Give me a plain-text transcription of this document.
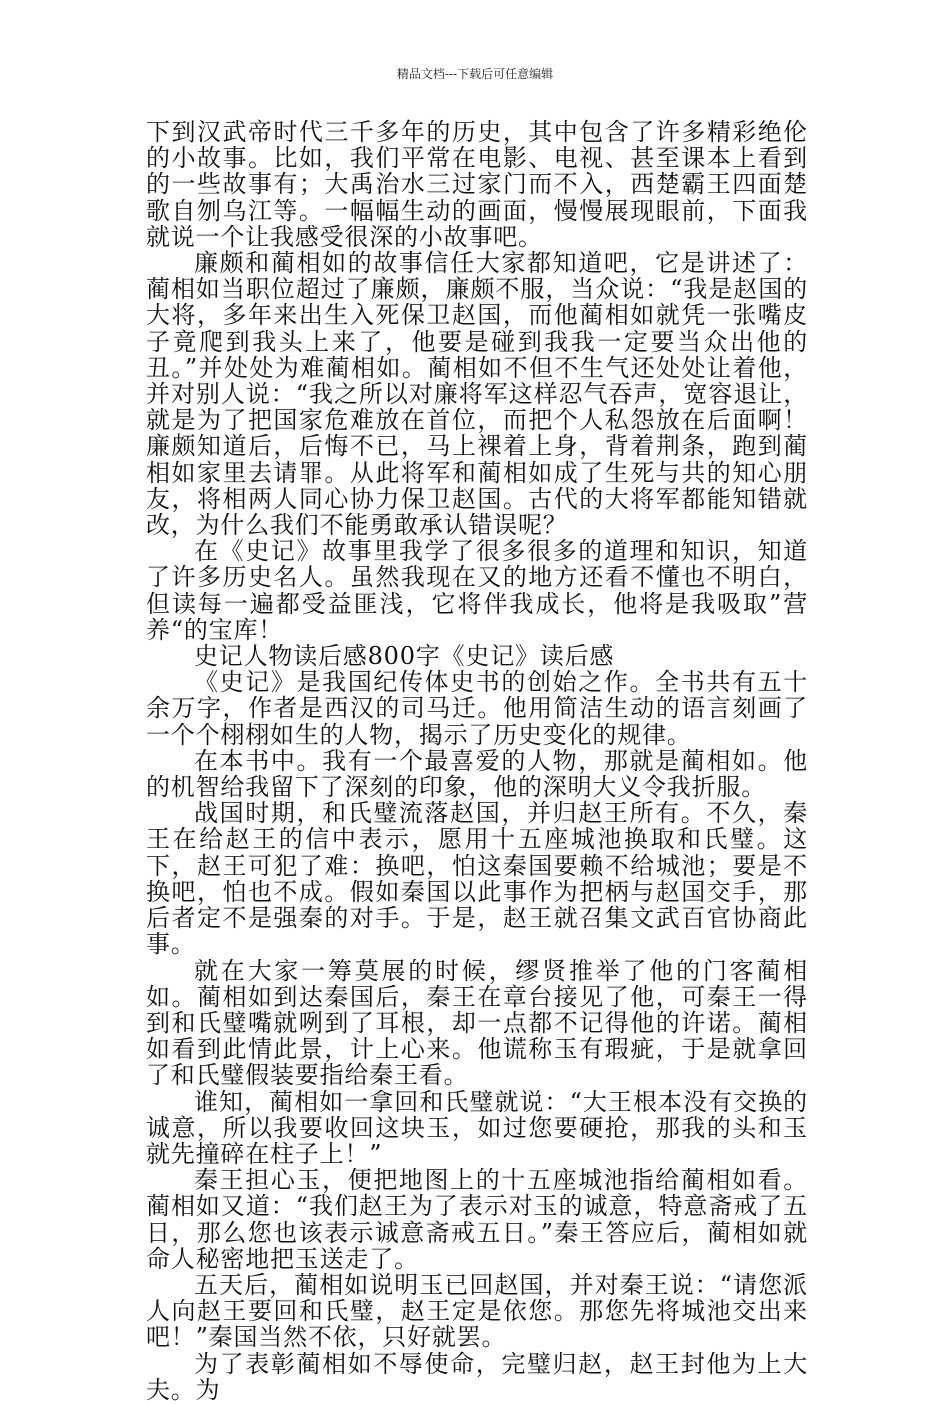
精品文档---下载后可任意编辑

下到汉武帝时代三千多年的历史，其中包含了许多精彩绝伦的小故事。比如，我们平常在电影、电视、甚至课本上看到的一些故事有；大禹治水三过家门而不入，西楚霸王四面楚歌自刎乌江等。一幅幅生动的画面，慢慢展现眼前，下面我就说一个让我感受很深的小故事吧。

廉颇和蔺相如的故事信任大家都知道吧，它是讲述了：蔺相如当职位超过了廉颇，廉颇不服，当众说：“我是赵国的大将，多年来出生入死保卫赵国，而他蔺相如就凭一张嘴皮子竟爬到我头上来了，他要是碰到我我一定要当众出他的丑。”并处处为难蔺相如。蔺相如不但不生气还处处让着他，并对别人说：“我之所以对廉将军这样忍气吞声，宽容退让，就是为了把国家危难放在首位，而把个人私怨放在后面啊！廉颇知道后，后悔不已，马上裸着上身，背着荆条，跑到蔺相如家里去请罪。从此将军和蔺相如成了生死与共的知心朋友，将相两人同心协力保卫赵国。古代的大将军都能知错就改，为什么我们不能勇敢承认错误呢？

在《史记》故事里我学了很多很多的道理和知识，知道了许多历史名人。虽然我现在又的地方还看不懂也不明白，但读每一遍都受益匪浅，它将伴我成长，他将是我吸取”营养“的宝库！

史记人物读后感800字《史记》读后感

《史记》是我国纪传体史书的创始之作。全书共有五十余万字，作者是西汉的司马迁。他用简洁生动的语言刻画了一个个栩栩如生的人物，揭示了历史变化的规律。

在本书中。我有一个最喜爱的人物，那就是蔺相如。他的机智给我留下了深刻的印象，他的深明大义令我折服。

战国时期，和氏璧流落赵国，并归赵王所有。不久，秦王在给赵王的信中表示，愿用十五座城池换取和氏璧。这下，赵王可犯了难：换吧，怕这秦国要赖不给城池；要是不换吧，怕也不成。假如秦国以此事作为把柄与赵国交手，那后者定不是强秦的对手。于是，赵王就召集文武百官协商此事。

就在大家一筹莫展的时候，缪贤推举了他的门客蔺相如。蔺相如到达秦国后，秦王在章台接见了他，可秦王一得到和氏璧嘴就咧到了耳根，却一点都不记得他的许诺。蔺相如看到此情此景，计上心来。他谎称玉有瑕疵，于是就拿回了和氏璧假装要指给秦王看。

谁知，蔺相如一拿回和氏璧就说：“大王根本没有交换的诚意，所以我要收回这块玉，如过您要硬抢，那我的头和玉就先撞碎在柱子上！”

秦王担心玉，便把地图上的十五座城池指给蔺相如看。蔺相如又道：“我们赵王为了表示对玉的诚意，特意斋戒了五日，那么您也该表示诚意斋戒五日。”秦王答应后，蔺相如就命人秘密地把玉送走了。

五天后，蔺相如说明玉已回赵国，并对秦王说：“请您派人向赵王要回和氏璧，赵王定是依您。那您先将城池交出来吧！”秦国当然不依，只好就罢。

为了表彰蔺相如不辱使命，完璧归赵，赵王封他为上大夫。为
